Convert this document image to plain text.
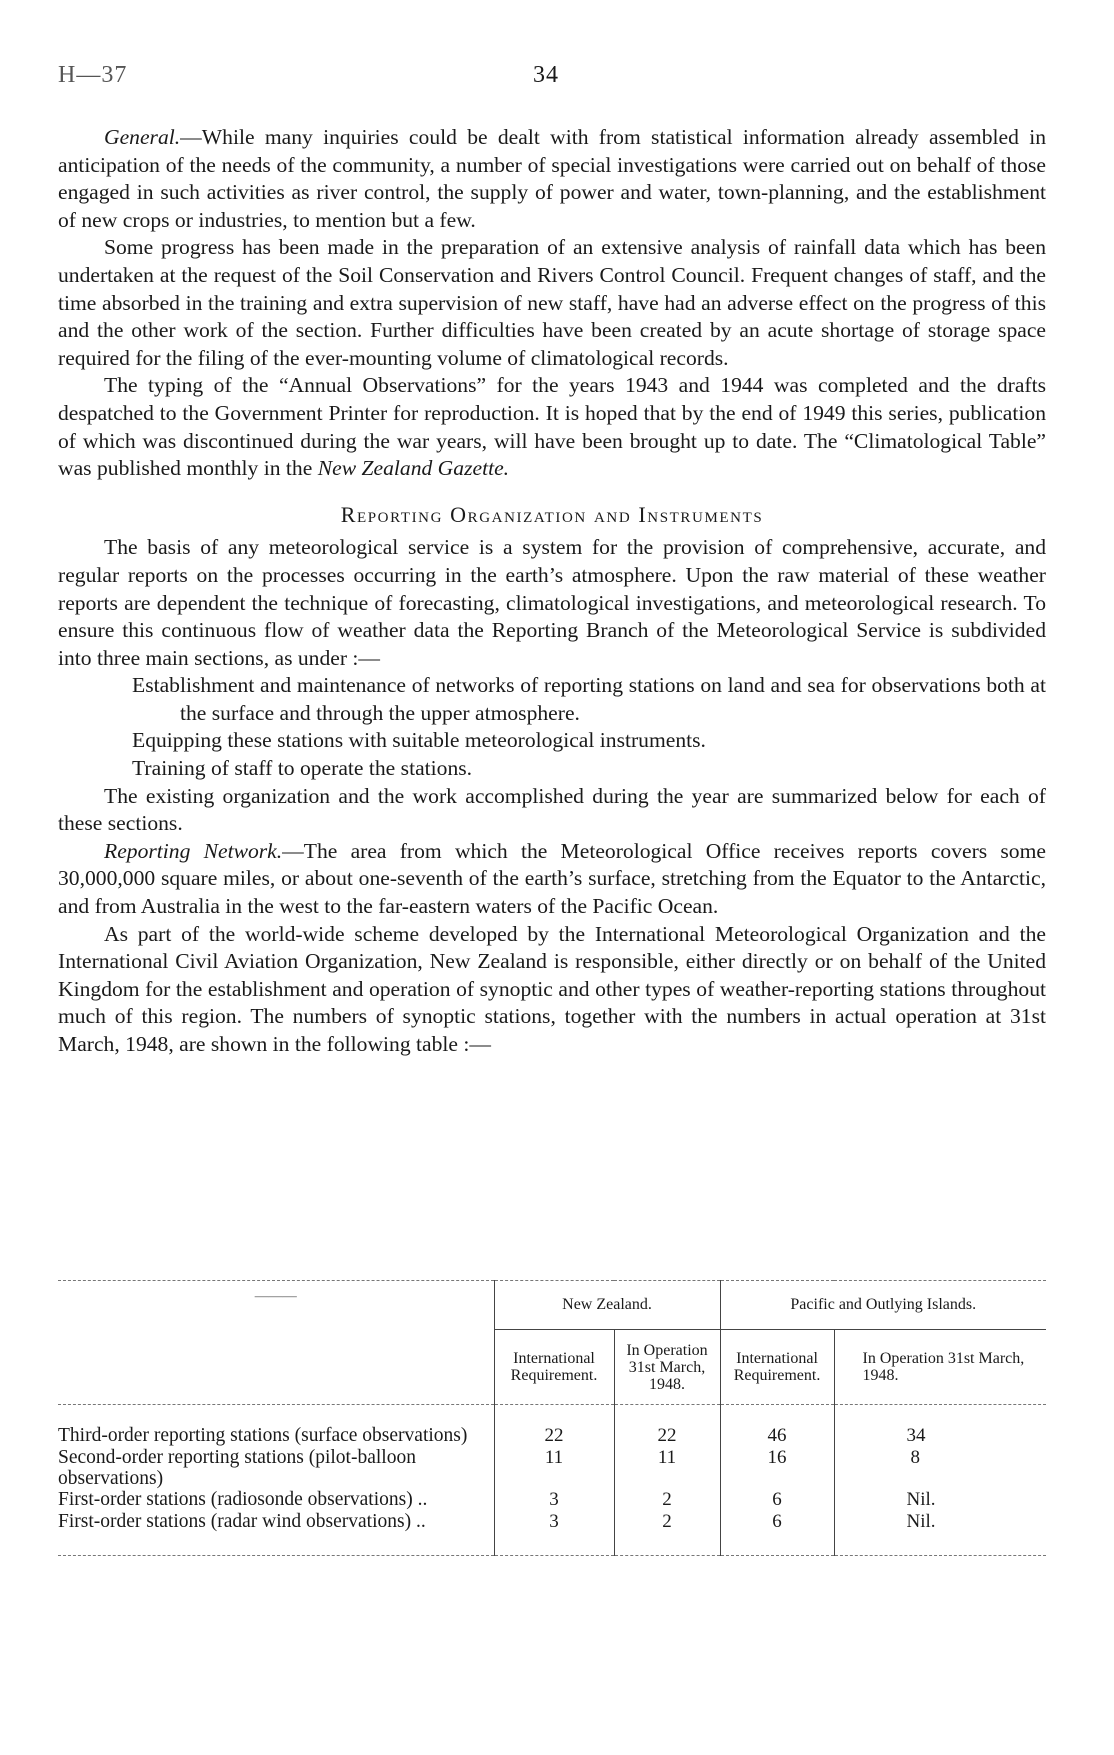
H—37	34

General.—While many inquiries could be dealt with from statistical information already assembled in anticipation of the needs of the community, a number of special investigations were carried out on behalf of those engaged in such activities as river control, the supply of power and water, town-planning, and the establishment of new crops or industries, to mention but a few.

Some progress has been made in the preparation of an extensive analysis of rainfall data which has been undertaken at the request of the Soil Conservation and Rivers Control Council. Frequent changes of staff, and the time absorbed in the training and extra supervision of new staff, have had an adverse effect on the progress of this and the other work of the section. Further difficulties have been created by an acute shortage of storage space required for the filing of the ever-mounting volume of climatological records.

The typing of the “Annual Observations” for the years 1943 and 1944 was completed and the drafts despatched to the Government Printer for reproduction. It is hoped that by the end of 1949 this series, publication of which was discontinued during the war years, will have been brought up to date. The “Climatological Table” was published monthly in the New Zealand Gazette.

Reporting Organization and Instruments

The basis of any meteorological service is a system for the provision of comprehensive, accurate, and regular reports on the processes occurring in the earth’s atmosphere. Upon the raw material of these weather reports are dependent the technique of forecasting, climatological investigations, and meteorological research. To ensure this continuous flow of weather data the Reporting Branch of the Meteorological Service is subdivided into three main sections, as under :—

Establishment and maintenance of networks of reporting stations on land and sea for observations both at the surface and through the upper atmosphere.

Equipping these stations with suitable meteorological instruments.

Training of staff to operate the stations.

The existing organization and the work accomplished during the year are summarized below for each of these sections.

Reporting Network.—The area from which the Meteorological Office receives reports covers some 30,000,000 square miles, or about one-seventh of the earth’s surface, stretching from the Equator to the Antarctic, and from Australia in the west to the far-eastern waters of the Pacific Ocean.

As part of the world-wide scheme developed by the International Meteorological Organization and the International Civil Aviation Organization, New Zealand is responsible, either directly or on behalf of the United Kingdom for the establishment and operation of synoptic and other types of weather-reporting stations throughout much of this region. The numbers of synoptic stations, together with the numbers in actual operation at 31st March, 1948, are shown in the following table :—

———	New Zealand.		Pacific and Outlying Islands.	
	International Requirement.	In Operation 31st March, 1948.	International Requirement.	In Operation 31st March, 1948.
Third-order reporting stations (surface observations)	22	22	46	34
Second-order reporting stations (pilot-balloon observations)	11	11	16	8
First-order stations (radiosonde observations) ..	3	2	6	Nil.
First-order stations (radar wind observations) ..	3	2	6	Nil.
